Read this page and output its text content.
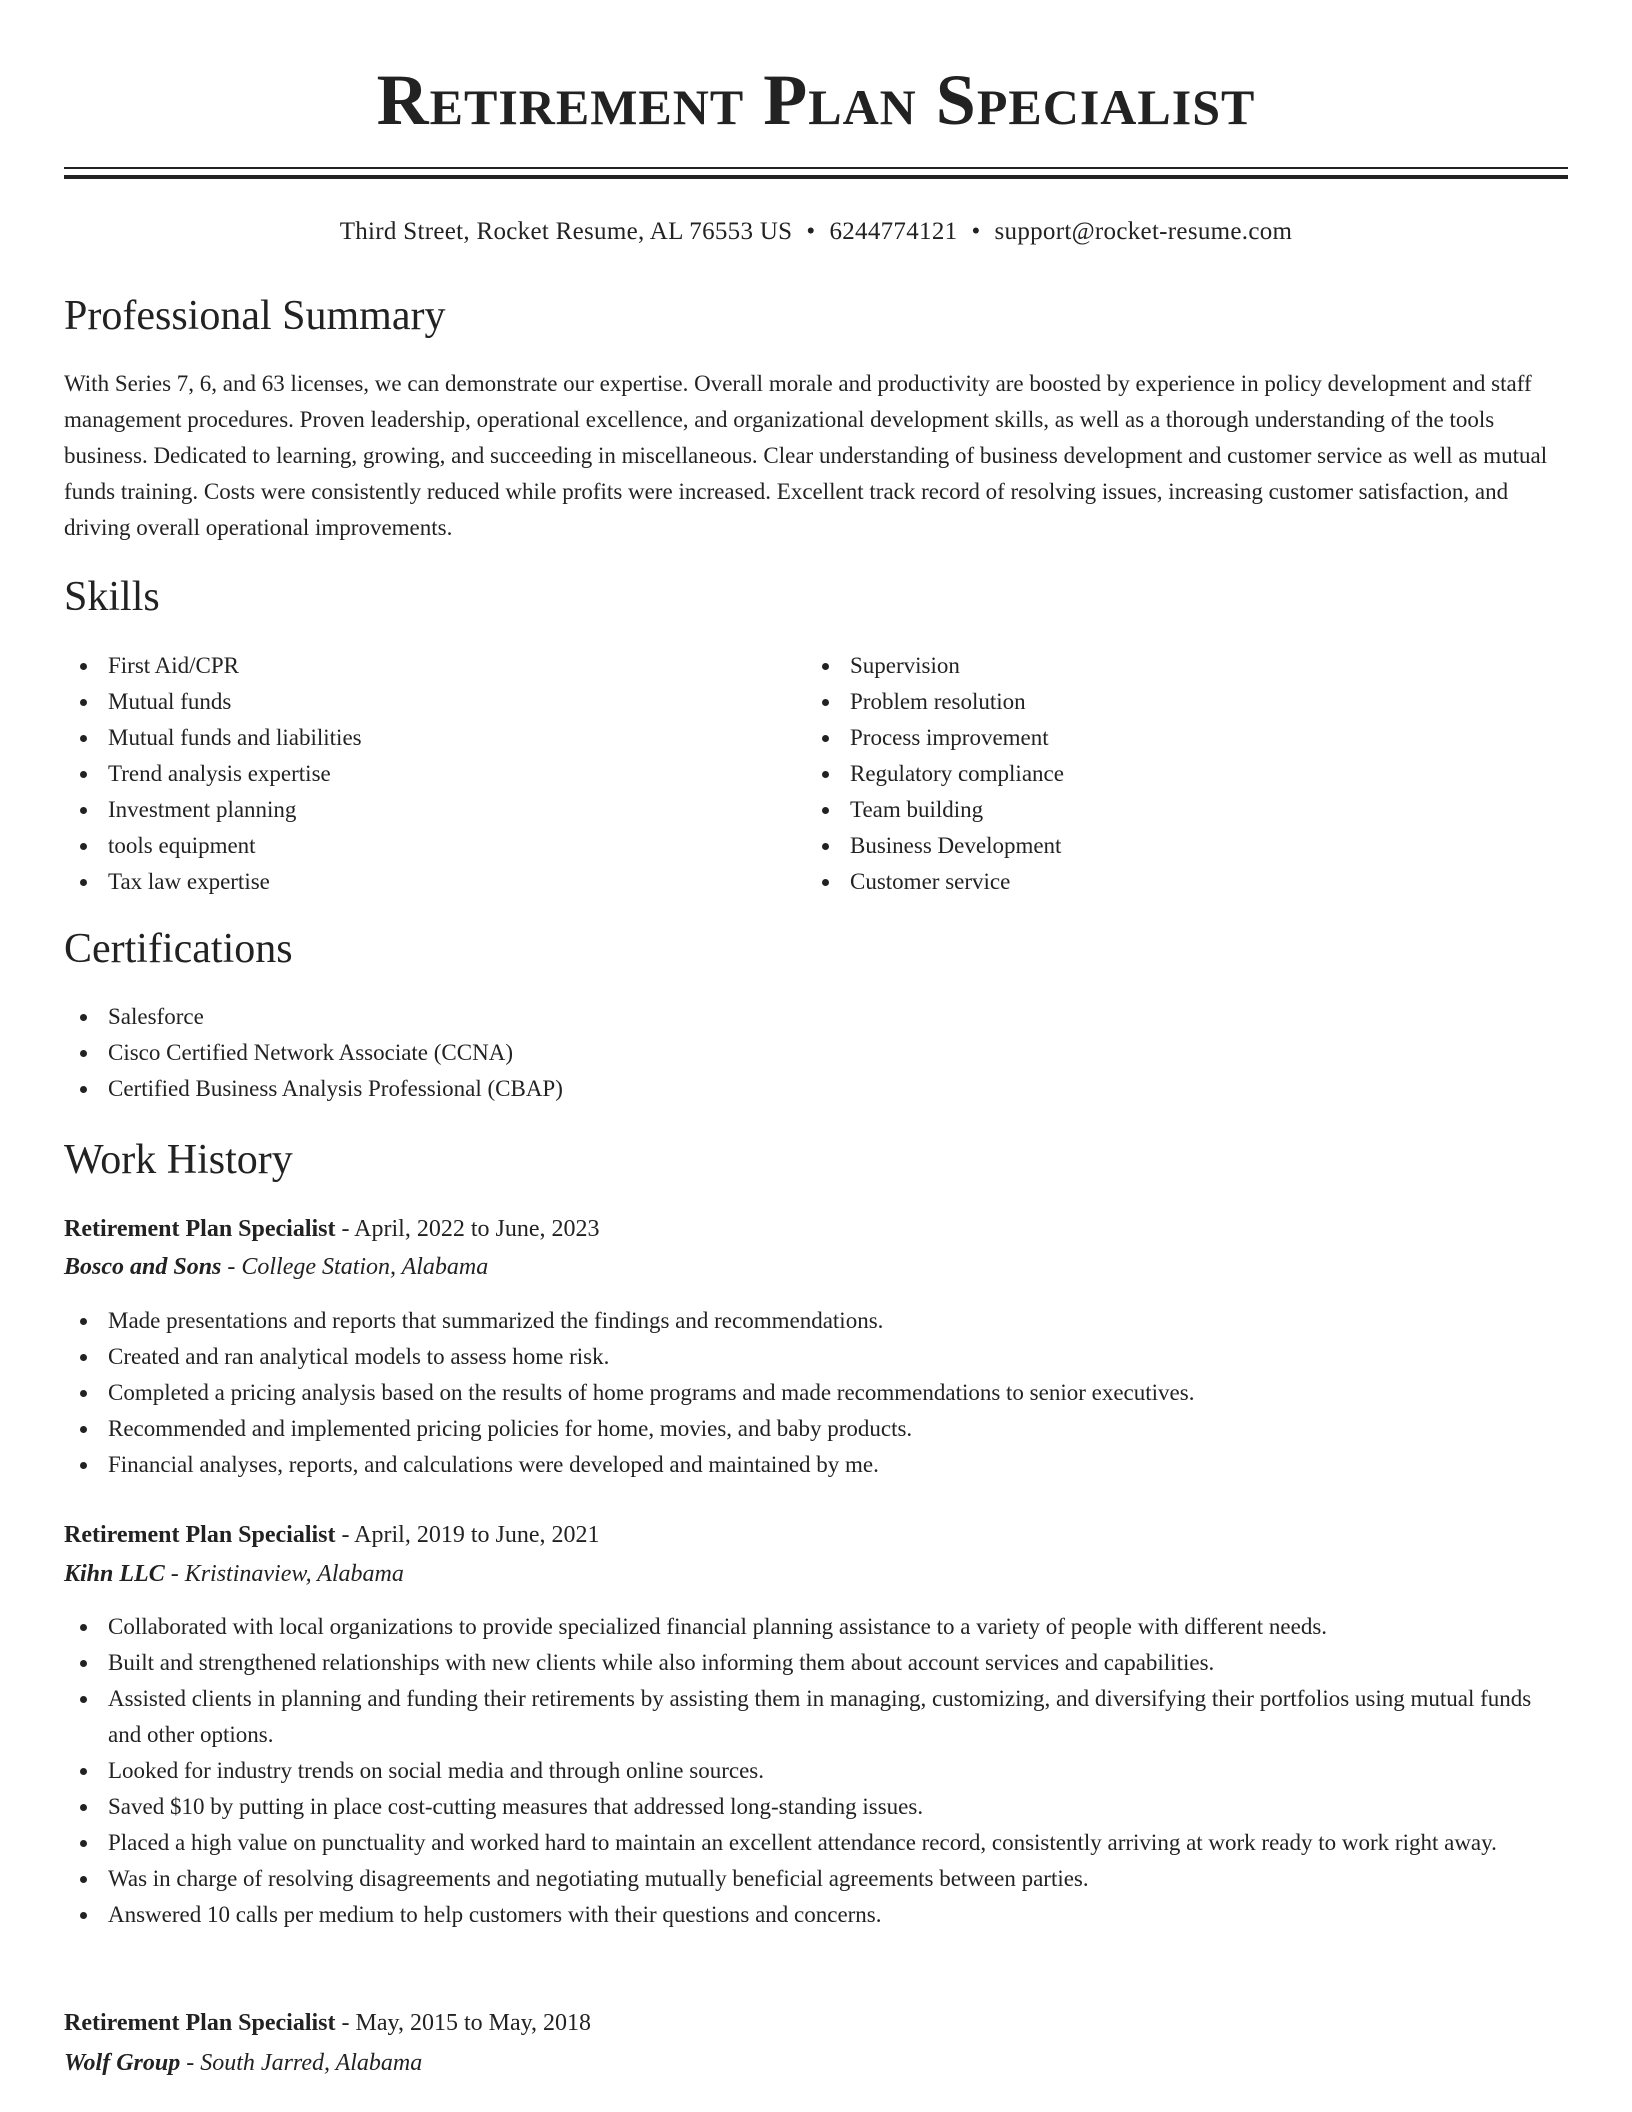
Retirement Plan Specialist
Third Street, Rocket Resume, AL 76553 US • 6244774121 • support@rocket-resume.com
Professional Summary

With Series 7, 6, and 63 licenses, we can demonstrate our expertise. Overall morale and productivity are boosted by experience in policy development and staff management procedures. Proven leadership, operational excellence, and organizational development skills, as well as a thorough understanding of the tools business. Dedicated to learning, growing, and succeeding in miscellaneous. Clear understanding of business development and customer service as well as mutual funds training. Costs were consistently reduced while profits were increased. Excellent track record of resolving issues, increasing customer satisfaction, and driving overall operational improvements.

Skills
First Aid/CPR
Mutual funds
Mutual funds and liabilities
Trend analysis expertise
Investment planning
tools equipment
Tax law expertise
Supervision
Problem resolution
Process improvement
Regulatory compliance
Team building
Business Development
Customer service
Certifications
Salesforce
Cisco Certified Network Associate (CCNA)
Certified Business Analysis Professional (CBAP)
Work History
Retirement Plan Specialist - April, 2022 to June, 2023
Bosco and Sons - College Station, Alabama
Made presentations and reports that summarized the findings and recommendations.
Created and ran analytical models to assess home risk.
Completed a pricing analysis based on the results of home programs and made recommendations to senior executives.
Recommended and implemented pricing policies for home, movies, and baby products.
Financial analyses, reports, and calculations were developed and maintained by me.
Retirement Plan Specialist - April, 2019 to June, 2021
Kihn LLC - Kristinaview, Alabama
Collaborated with local organizations to provide specialized financial planning assistance to a variety of people with different needs.
Built and strengthened relationships with new clients while also informing them about account services and capabilities.
Assisted clients in planning and funding their retirements by assisting them in managing, customizing, and diversifying their portfolios using mutual funds and other options.
Looked for industry trends on social media and through online sources.
Saved $10 by putting in place cost-cutting measures that addressed long-standing issues.
Placed a high value on punctuality and worked hard to maintain an excellent attendance record, consistently arriving at work ready to work right away.
Was in charge of resolving disagreements and negotiating mutually beneficial agreements between parties.
Answered 10 calls per medium to help customers with their questions and concerns.
Retirement Plan Specialist - May, 2015 to May, 2018
Wolf Group - South Jarred, Alabama
